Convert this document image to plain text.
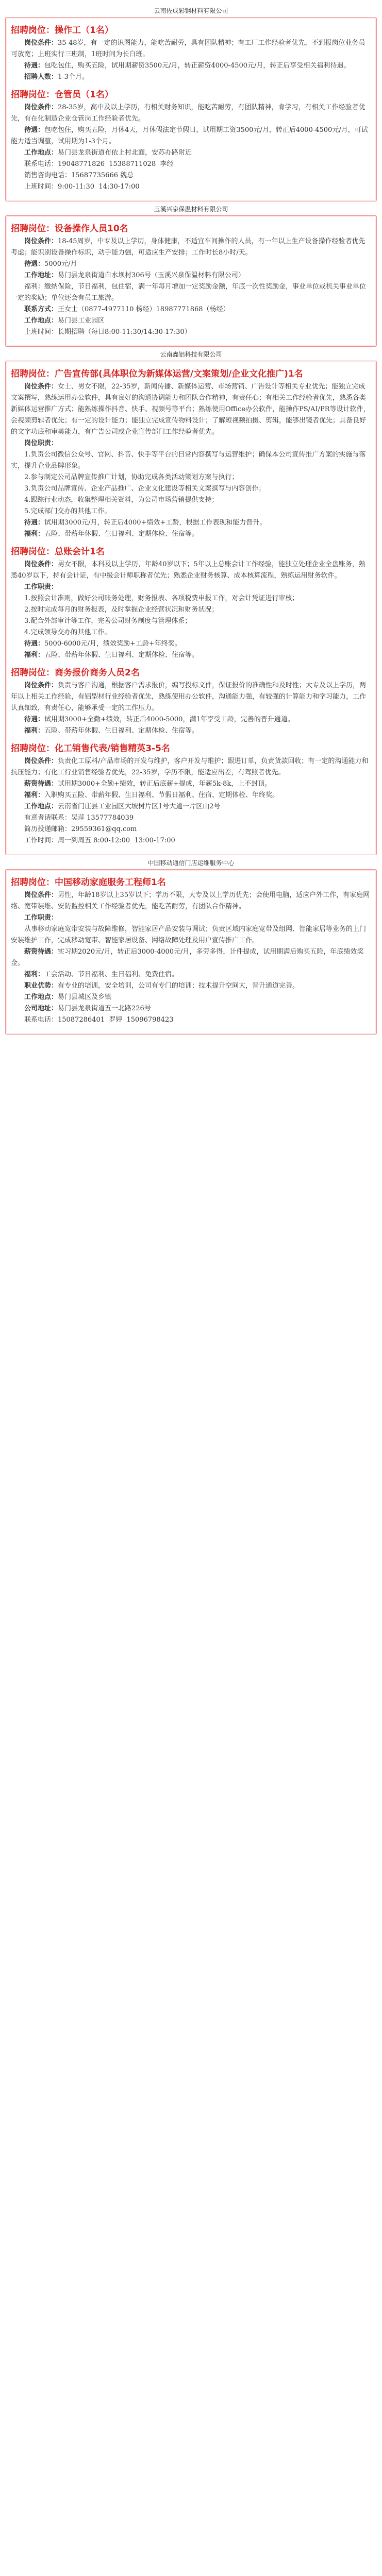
云南佐成彩钢材料有限公司
招聘岗位：操作工（1名）

岗位条件：35-48岁，有一定的识图能力，能吃苦耐劳，具有团队精神；有工厂工作经验者优先，不到报岗位业务员可放宽；上班实行三班制，1班时间为长白班。

待遇：包吃包住，购买五险，试用期薪资3500元/月，转正薪资4000-4500元/月，转正后享受相关福利待遇。

招聘人数：1-3个月。

招聘岗位：仓管员（1名）

岗位条件：28-35岁，高中及以上学历，有相关财务知识，能吃苦耐劳，有团队精神，肯学习，有相关工作经验者优先，有在化制造企业仓管岗工作经验者优先。

待遇：包吃包住，购买五险，月休4天，月休假法定节假日，试用期工资3500元/月，转正后4000-4500元/月，可试能力适当调整，试用期为1-3个月。

工作地点：易门县龙泉街道布依上村北面，安苏办路附近

联系电话：19048771826  15388711028  李经

销售咨询电话：15687735666 魏总

上班时间：9:00-11:30  14:30-17:00

玉溪兴泉保温材料有限公司
招聘岗位：设备操作人员10名

岗位条件：18-45周岁，中专及以上学历，身体健康，不适宜车间操作的人员，有一年以上生产设备操作经验者优先考虑；能识别设备操作标识，动手能力强，可适应生产安排；工作时长8小时/天。

待遇：5000元/月

工作地址：易门县龙泉街道白水坝村306号（玉溪兴泉保温材料有限公司）

福利：缴纳保险，节日福利，包住宿，满一年每月增加一定奖励金额，年底一次性奖励金，事业单位或机关事业单位一定的奖励；单位还会有员工旅游。

联系方式：王女士（0877-4977110 杨经）18987771868（杨经）

工作地点：易门县工业园区

上班时间：长期招聘（每日8:00-11:30/14:30-17:30）

云南鑫铝科技有限公司
招聘岗位：广告宣传部(具体职位为新媒体运营/文案策划/企业文化推广)1名

岗位条件：女士、男女不限，22-35岁，新闻传播、新媒体运营、市场营销、广告设计等相关专业优先；能独立完成文案撰写，熟练运用办公软件，具有良好的沟通协调能力和团队合作精神，有责任心；有相关工作经验者优先，熟悉各类新媒体运营推广方式；能熟练操作抖音、快手、视频号等平台；熟练使用Office办公软件，能操作PS/AI/PR等设计软件，会视频剪辑者优先；有一定的设计能力；能独立完成宣传物料设计；了解短视频拍摄、剪辑，能够出镜者优先；具备良好的文字功底和审美能力，有广告公司或企业宣传部门工作经验者优先。

岗位职责：

1.负责公司微信公众号、官网、抖音、快手等平台的日常内容撰写与运营维护；确保本公司宣传推广方案的实施与落实，提升企业品牌形象。

2.参与制定公司品牌宣传推广计划，协助完成各类活动策划方案与执行；

3.负责公司品牌宣传、企业产品推广、企业文化建设等相关文案撰写与内容创作；

4.跟踪行业动态，收集整理相关资料，为公司市场营销提供支持；

5.完成部门交办的其他工作。

待遇：试用期3000元/月，转正后4000+绩效+工龄，根据工作表现和能力晋升。

福利：五险、带薪年休假、生日福利、定期体检、住宿等。

招聘岗位：总账会计1名

岗位条件：男女不限，本科及以上学历，年龄40岁以下；5年以上总账会计工作经验，能独立处理企业全盘账务，熟悉40岁以下，持有会计证，有中级会计师职称者优先；熟悉企业财务核算、成本核算流程，熟练运用财务软件。

工作职责：

1.按照会计准则，做好公司账务处理，财务报表、各项税费申报工作，对会计凭证进行审核；

2.按时完成每月的财务报表，及时掌握企业经营状况和财务状况；

3.配合外部审计等工作，完善公司财务制度与管理体系；

4.完成领导交办的其他工作。

待遇：5000-6000元/月，绩效奖励+工龄+年终奖。

福利：五险、带薪年休假、生日福利、定期体检、住宿等。

招聘岗位：商务报价商务人员2名

岗位条件：负责与客户沟通，根据客户需求报价，编写投标文件，保证报价的准确性和及时性；大专及以上学历，两年以上相关工作经验，有铝型材行业经验者优先，熟练使用办公软件，沟通能力强，有较强的计算能力和学习能力，工作认真细致，有责任心，能够承受一定的工作压力。

待遇：试用期3000+全勤+绩效，转正后4000-5000，满1年享受工龄，完善的晋升通道。

福利：五险、带薪年休假、生日福利、定期体检、住宿等。

招聘岗位：化工销售代表/销售精英3-5名

岗位条件：负责化工原料/产品市场的开发与维护，客户开发与维护；跟进订单，负责货款回收；有一定的沟通能力和抗压能力；有化工行业销售经验者优先，22-35岁，学历不限，能适应出差，有驾照者优先。

薪资待遇：试用期3000+全勤+绩效，转正后底薪+提成，年薪5k-8k，上不封顶。

福利：入职购买五险、带薪年假、生日福利、节假日福利、住宿、定期体检、年终奖。

工作地点：云南省门庄县工业园区大坡树片区1号大道一片区山2号

有意者请联系：吴萍 13577784039

简历投递邮箱：29559361@qq.com

工作时间：周一到周五 8:00-12:00  13:00-17:00

中国移动通信门店运维服务中心
招聘岗位：中国移动家庭服务工程师1名

岗位条件：男性，年龄18岁以上35岁以下；学历不限，大专及以上学历优先；会使用电脑，适应户外工作，有家庭网络、宽带装维、安防监控相关工作经验者优先，能吃苦耐劳，有团队合作精神。

工作职责：

从事移动家庭宽带安装与故障维修，智能家居产品安装与调试；负责区域内家庭宽带及组网、智能家居等业务的上门安装维护工作，完成移动宽带、智能家居设备、网络故障处理及用户宣传推广工作。

薪资待遇：实习期2020元/月，转正后3000-4000元/月，多劳多得，计件提成，试用期满后购买五险，年底绩效奖金。

福利：工会活动、节日福利、生日福利、免费住宿。

职业优势：有专业的培训，安全培训，公司有专门的培训；技术提升空间大，晋升通道完善。

工作地点：易门县城区及乡镇

公司地址：易门县龙泉街道五一北路226号

联系电话：15087286401  罗婷  15096798423
